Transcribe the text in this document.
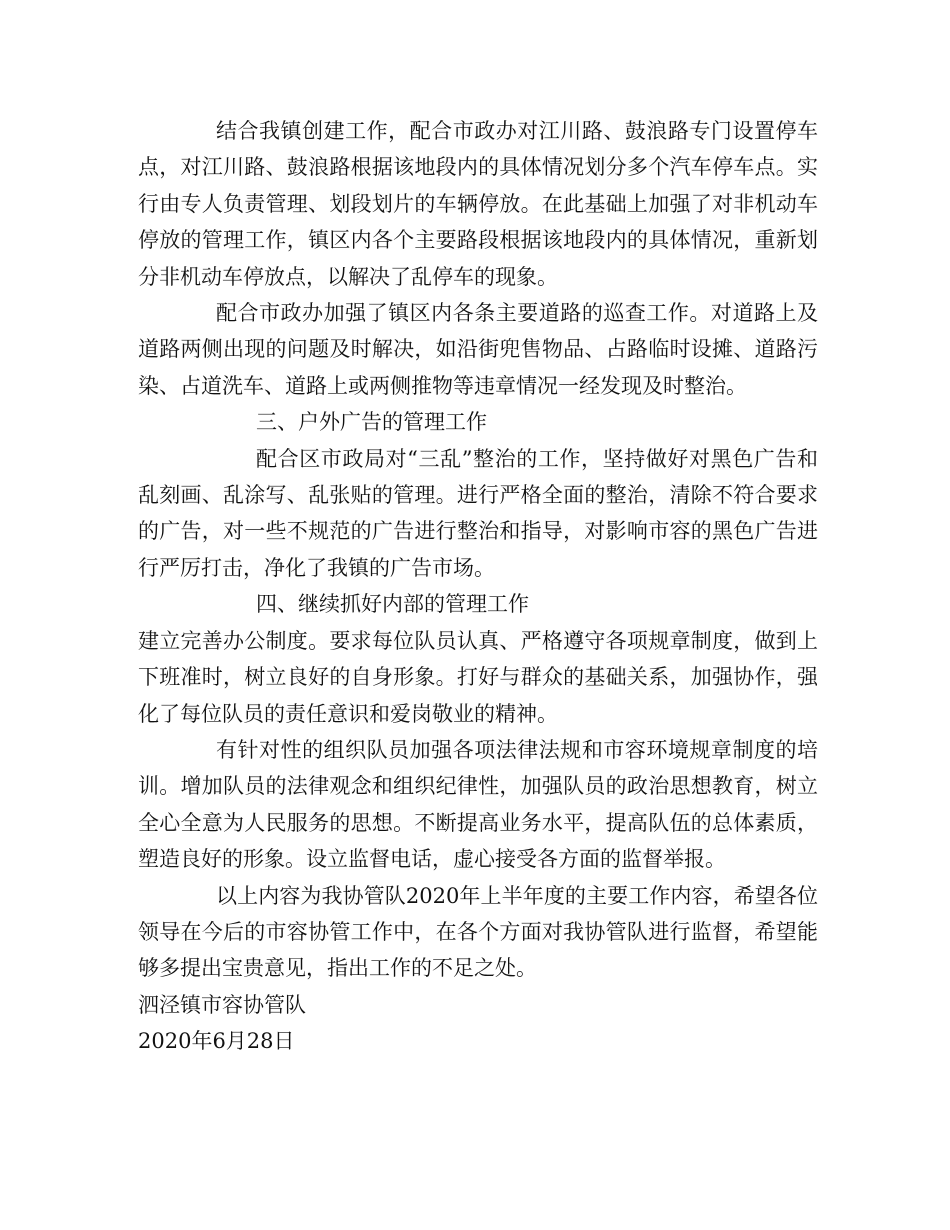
结合我镇创建工作，配合市政办对江川路、鼓浪路专门设置停车点，对江川路、鼓浪路根据该地段内的具体情况划分多个汽车停车点。实行由专人负责管理、划段划片的车辆停放。在此基础上加强了对非机动车停放的管理工作，镇区内各个主要路段根据该地段内的具体情况，重新划分非机动车停放点，以解决了乱停车的现象。

配合市政办加强了镇区内各条主要道路的巡查工作。对道路上及道路两侧出现的问题及时解决，如沿街兜售物品、占路临时设摊、道路污染、占道洗车、道路上或两侧推物等违章情况一经发现及时整治。

三、户外广告的管理工作

配合区市政局对“三乱”整治的工作，坚持做好对黑色广告和乱刻画、乱涂写、乱张贴的管理。进行严格全面的整治，清除不符合要求的广告，对一些不规范的广告进行整治和指导，对影响市容的黑色广告进行严厉打击，净化了我镇的广告市场。

四、继续抓好内部的管理工作

建立完善办公制度。要求每位队员认真、严格遵守各项规章制度，做到上下班准时，树立良好的自身形象。打好与群众的基础关系，加强协作，强化了每位队员的责任意识和爱岗敬业的精神。

有针对性的组织队员加强各项法律法规和市容环境规章制度的培训。增加队员的法律观念和组织纪律性，加强队员的政治思想教育，树立全心全意为人民服务的思想。不断提高业务水平，提高队伍的总体素质，塑造良好的形象。设立监督电话，虚心接受各方面的监督举报。

以上内容为我协管队2020年上半年度的主要工作内容，希望各位领导在今后的市容协管工作中，在各个方面对我协管队进行监督，希望能够多提出宝贵意见，指出工作的不足之处。

泗泾镇市容协管队

2020年6月28日
